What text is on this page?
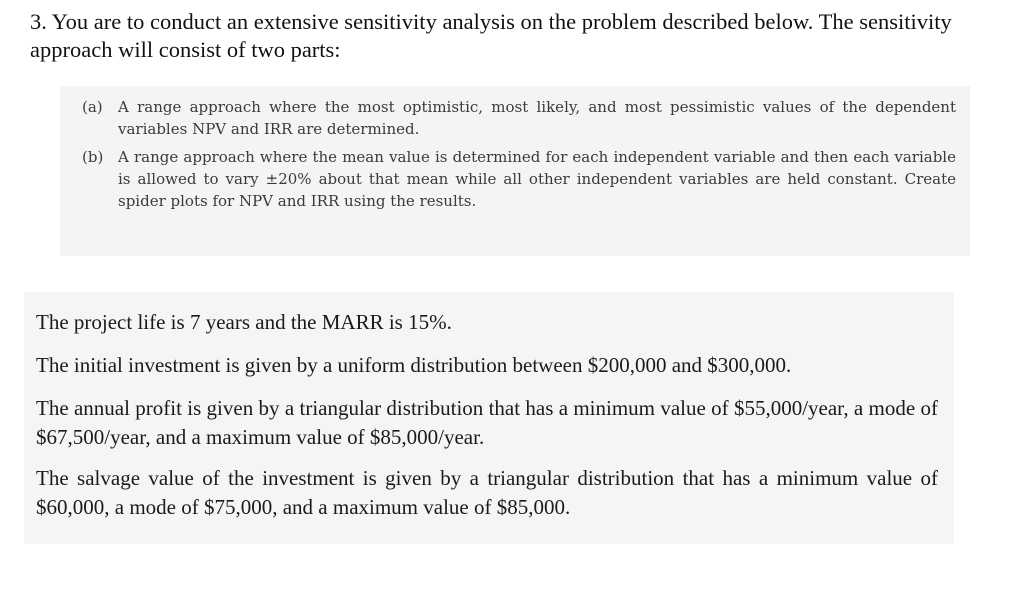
3. You are to conduct an extensive sensitivity analysis on the problem described below. The sensitivity approach will consist of two parts:
(a)	A range approach where the most optimistic, most likely, and most pessimistic values of the dependent variables NPV and IRR are determined.
(b) A range approach where the mean value is determined for each independent variable and then each variable is allowed to vary ±20% about that mean while all other independent variables are held constant. Create spider plots for NPV and IRR using the results.

The project life is 7 years and the MARR is 15%.

The initial investment is given by a uniform distribution between $200,000 and $300,000.

The annual profit is given by a triangular distribution that has a minimum value of $55,000/year, a mode of $67,500/year, and a maximum value of $85,000/year.

The salvage value of the investment is given by a triangular distribution that has a minimum value of $60,000, a mode of $75,000, and a maximum value of $85,000.
